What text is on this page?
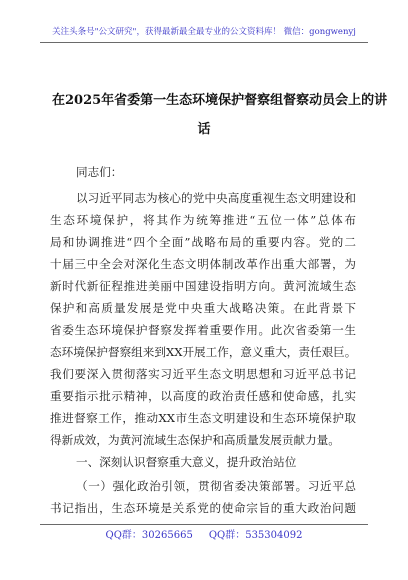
关注头条号"公文研究"，获得最新最全最专业的公文资料库！ 微信：gongwenyj
在2025年省委第一生态环境保护督察组督察动员会上的讲
话
同志们：
以习近平同志为核心的党中央高度重视生态文明建设和
生态环境保护，将其作为统筹推进“五位一体”总体布
局和协调推进“四个全面”战略布局的重要内容。党的二
十届三中全会对深化生态文明体制改革作出重大部署，为
新时代新征程推进美丽中国建设指明方向。黄河流域生态
保护和高质量发展是党中央重大战略决策。在此背景下
省委生态环境保护督察发挥着重要作用。此次省委第一生
态环境保护督察组来到XX开展工作，意义重大，责任艰巨。
我们要深入贯彻落实习近平生态文明思想和习近平总书记
重要指示批示精神，以高度的政治责任感和使命感，扎实
推进督察工作，推动XX市生态文明建设和生态环境保护取
得新成效，为黄河流域生态保护和高质量发展贡献力量。
一、深刻认识督察重大意义，提升政治站位
（一）强化政治引领，贯彻省委决策部署。习近平总
书记指出，生态环境是关系党的使命宗旨的重大政治问题
QQ群：30265665 QQ群：535304092
